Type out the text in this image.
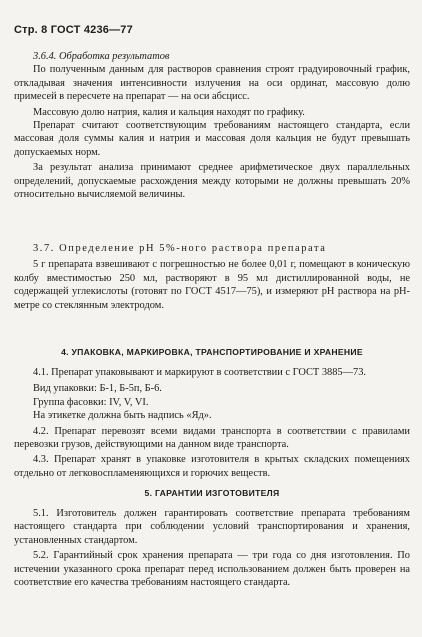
Стр. 8 ГОСТ 4236—77

3.6.4. Обработка результатов

По полученным данным для растворов сравнения строят градуировочный график, откладывая значения интенсивности излучения на оси ординат, массовую долю примесей в пересчете на препарат — на оси абсцисс.

Массовую долю натрия, калия и кальция находят по графику.

Препарат считают соответствующим требованиям настоящего стандарта, если массовая доля суммы калия и натрия и массовая доля кальция не будут превышать допускаемых норм.

За результат анализа принимают среднее арифметическое двух параллельных определений, допускаемые расхождения между которыми не должны превышать 20% относительно вычисляемой величины.

3.7. Определение pH 5%-ного раствора препарата

5 г препарата взвешивают с погрешностью не более 0,01 г, помещают в коническую колбу вместимостью 250 мл, растворяют в 95 мл дистиллированной воды, не содержащей углекислоты (готовят по ГОСТ 4517—75), и измеряют pH раствора на pH-метре со стеклянным электродом.

4. УПАКОВКА, МАРКИРОВКА, ТРАНСПОРТИРОВАНИЕ И ХРАНЕНИЕ

4.1. Препарат упаковывают и маркируют в соответствии с ГОСТ 3885—73.

Вид упаковки: Б-1, Б-5п, Б-6.

Группа фасовки: IV, V, VI.

На этикетке должна быть надпись «Яд».

4.2. Препарат перевозят всеми видами транспорта в соответствии с правилами перевозки грузов, действующими на данном виде транспорта.

4.3. Препарат хранят в упаковке изготовителя в крытых складских помещениях отдельно от легковоспламеняющихся и горючих веществ.

5. ГАРАНТИИ ИЗГОТОВИТЕЛЯ

5.1. Изготовитель должен гарантировать соответствие препарата требованиям настоящего стандарта при соблюдении условий транспортирования и хранения, установленных стандартом.

5.2. Гарантийный срок хранения препарата — три года со дня изготовления. По истечении указанного срока препарат перед использованием должен быть проверен на соответствие его качества требованиям настоящего стандарта.
